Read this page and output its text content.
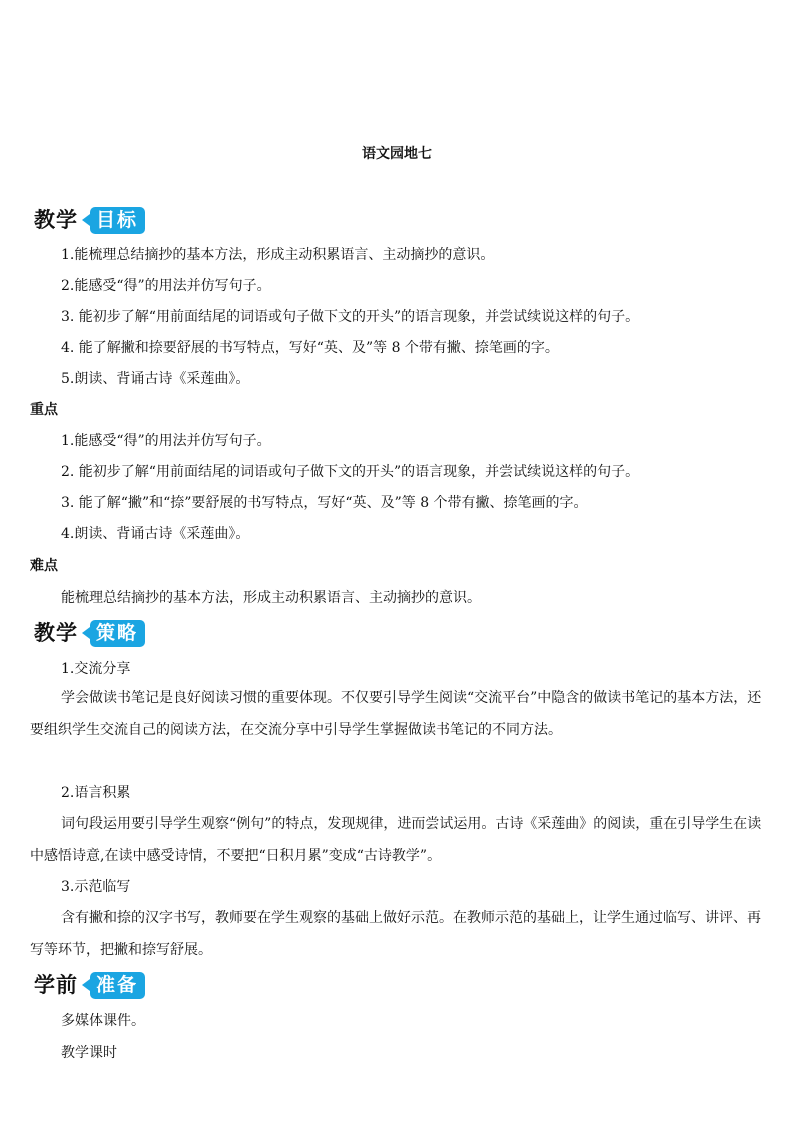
语文园地七
教学 目标
1.能梳理总结摘抄的基本方法，形成主动积累语言、主动摘抄的意识。
2.能感受“得”的用法并仿写句子。
3. 能初步了解“用前面结尾的词语或句子做下文的开头”的语言现象，并尝试续说这样的句子。
4. 能了解撇和捺要舒展的书写特点，写好“英、及”等 8 个带有撇、捺笔画的字。
5.朗读、背诵古诗《采莲曲》。
重点
1.能感受“得”的用法并仿写句子。
2. 能初步了解“用前面结尾的词语或句子做下文的开头”的语言现象，并尝试续说这样的句子。
3. 能了解“撇”和“捺”要舒展的书写特点，写好“英、及”等 8 个带有撇、捺笔画的字。
4.朗读、背诵古诗《采莲曲》。
难点
能梳理总结摘抄的基本方法，形成主动积累语言、主动摘抄的意识。
教学 策略
1.交流分享
学会做读书笔记是良好阅读习惯的重要体现。不仅要引导学生阅读“交流平台”中隐含的做读书笔记的基本方法，还要组织学生交流自己的阅读方法，在交流分享中引导学生掌握做读书笔记的不同方法。
2.语言积累
词句段运用要引导学生观察“例句”的特点，发现规律，进而尝试运用。古诗《采莲曲》的阅读，重在引导学生在读中感悟诗意,在读中感受诗情，不要把“日积月累”变成“古诗教学”。
3.示范临写
含有撇和捺的汉字书写，教师要在学生观察的基础上做好示范。在教师示范的基础上，让学生通过临写、讲评、再写等环节，把撇和捺写舒展。
学前 准备
多媒体课件。
教学课时
